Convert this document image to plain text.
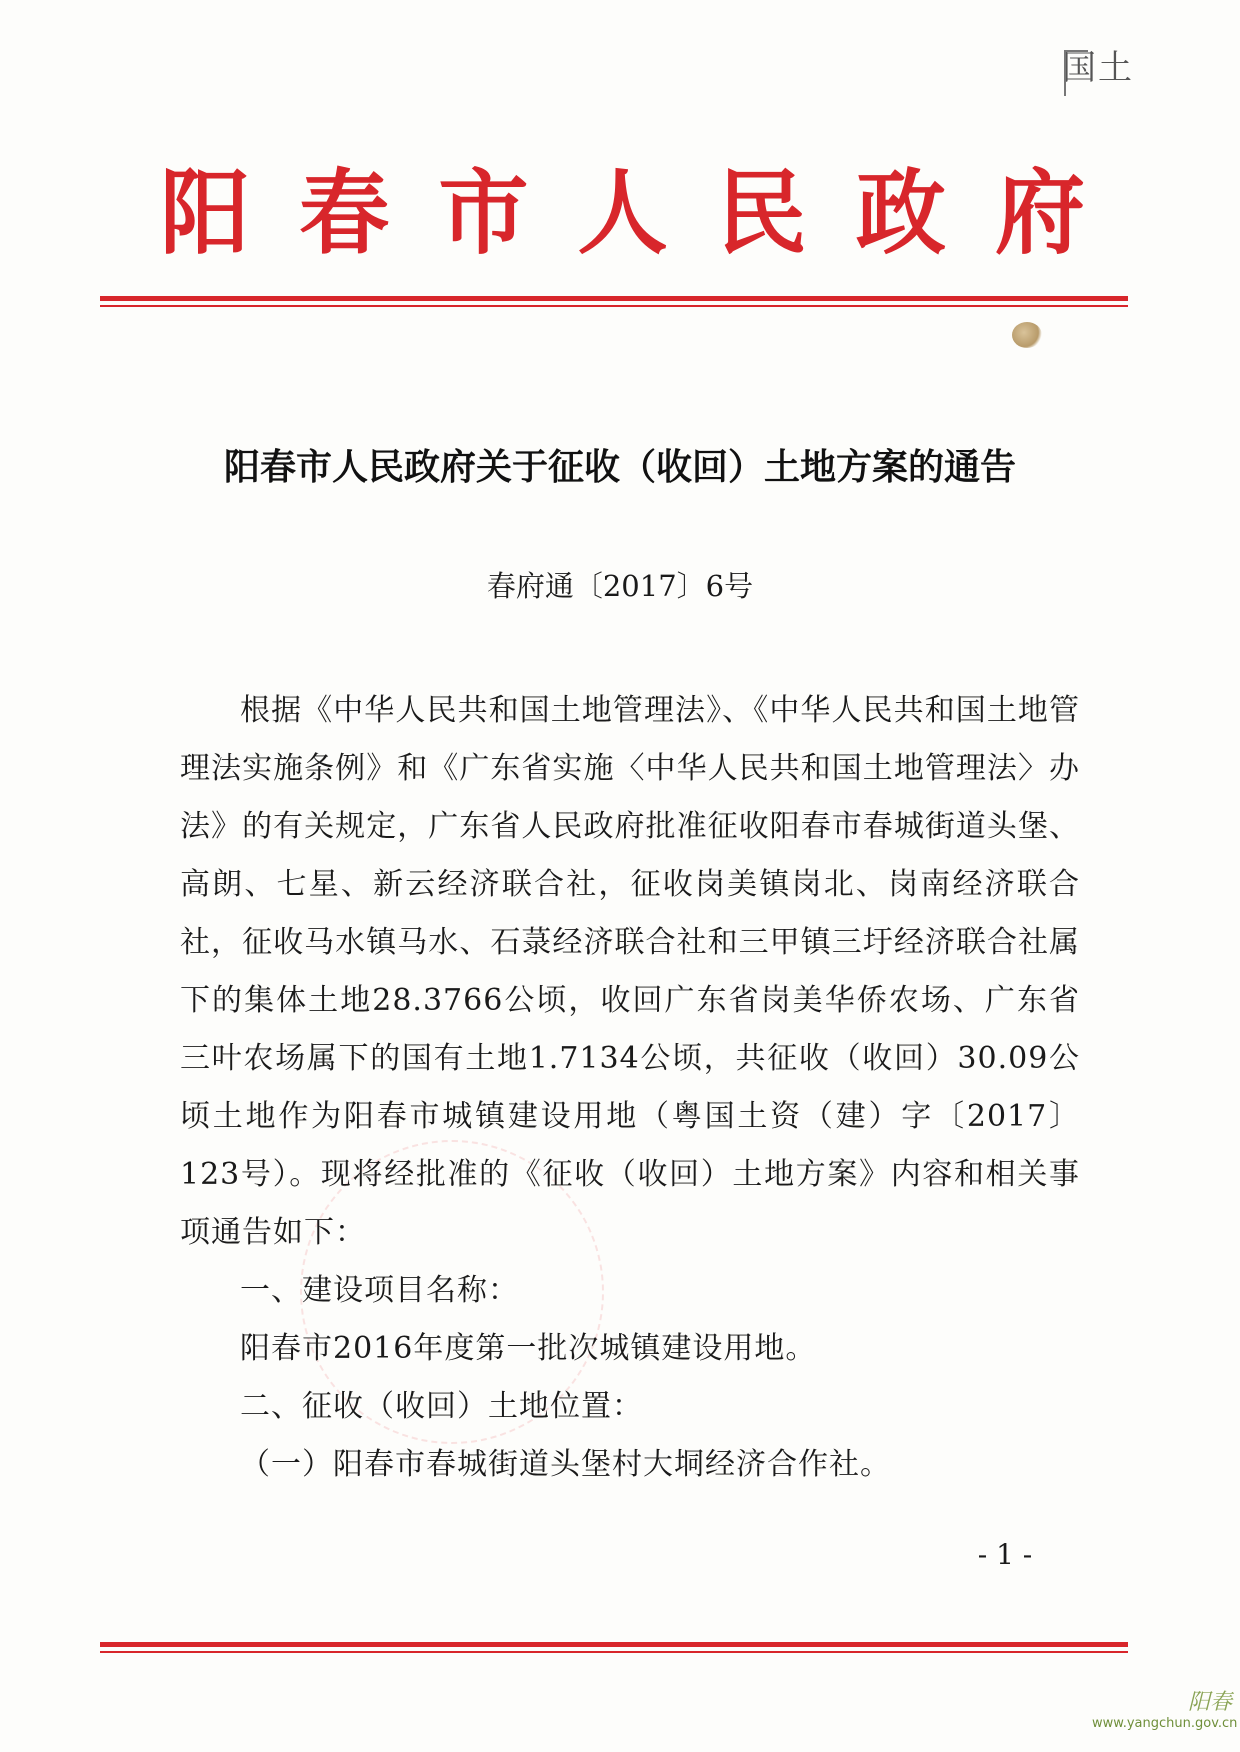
国土
阳春市人民政府
阳春市人民政府关于征收（收回）土地方案的通告
春府通〔2017〕6号

根据《中华人民共和国土地管理法》、《中华人民共和国土地管理法实施条例》和《广东省实施〈中华人民共和国土地管理法〉办法》的有关规定，广东省人民政府批准征收阳春市春城街道头堡、高朗、七星、新云经济联合社，征收岗美镇岗北、岗南经济联合社，征收马水镇马水、石菉经济联合社和三甲镇三圩经济联合社属下的集体土地28.3766公顷，收回广东省岗美华侨农场、广东省三叶农场属下的国有土地1.7134公顷，共征收（收回）30.09公顷土地作为阳春市城镇建设用地（粤国土资（建）字〔2017〕123号）。现将经批准的《征收（收回）土地方案》内容和相关事项通告如下：

一、建设项目名称：

阳春市2016年度第一批次城镇建设用地。

二、征收（收回）土地位置：

（一）阳春市春城街道头堡村大垌经济合作社。

- 1 -
阳春
www.yangchun.gov.cn
